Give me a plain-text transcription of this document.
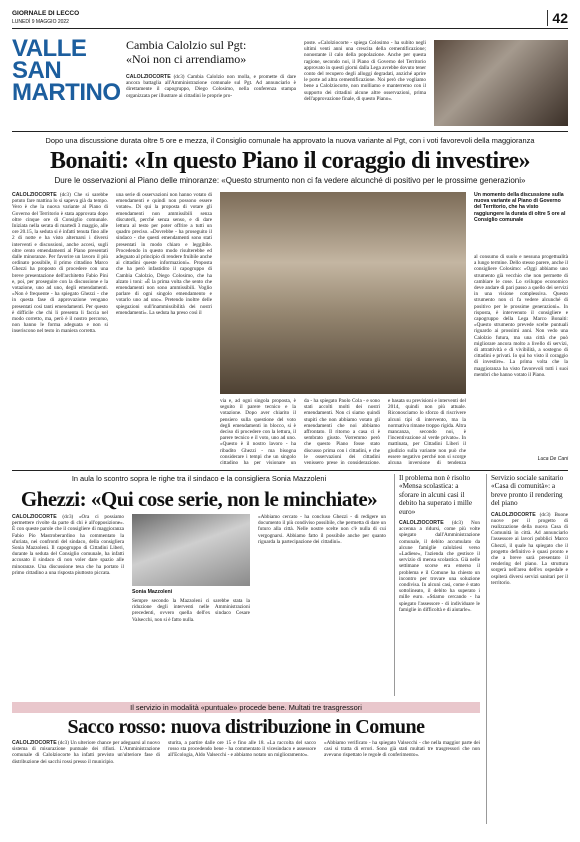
GIORNALE DI LECCO
LUNEDÌ 9 MAGGIO 2022	42
VALLE
SAN
MARTINO
Cambia Calolzio sul Pgt:
«Noi non ci arrendiamo»
CALOLZIOCORTE (dc3) Cambia Calolzio non molla, e promette di dare ancora battaglia all'Amministrazione comunale sul Pgt. Ad annunciarlo è direttamente il capogruppo, Diego Colosimo, nella conferenza stampa organizzata per illustrare ai cittadini le proprie pro-
poste. «Calolziocorte - spiega Colosimo - ha subito negli ultimi venti anni una crescita della cementificazione; nonostante il calo della popolazione. Anche per questa ragione, secondo noi, il Piano di Governo del Territorio approvato in questi giorni dalla Lega avrebbe dovuto tener conto del recupero degli alloggi degradati, anziché aprire le porte ad altra cementificazione. Noi però che vogliamo bene a Calolziocorte, non molliamo e manterremo con il supporto dei cittadini alcune altre osservazioni, prima dell'approvazione finale, di questo Piano».
Dopo una discussione durata oltre 5 ore e mezza, il Consiglio comunale ha approvato la nuova variante al Pgt, con i voti favorevoli della maggioranza
Bonaiti: «In questo Piano il coraggio di investire»
Dure le osservazioni al Piano delle minoranze: «Questo strumento non ci fa vedere alcunché di positivo per le prossime generazioni»
CALOLZIOCORTE (dc3) Che si sarebbe potuto fare mattina lo si sapeva già da tempo. Vero è che la nuova variante al Piano di Governo del Territorio è stata approvata dopo oltre cinque ore di Consiglio comunale. Iniziata nella serata di martedì 3 maggio, alle ore 20.15, la seduta si è infatti tenuta fino alle 2 di notte e ha visto alternarsi i diversi interventi e discussioni, anche accesi, sugli oltre cento emendamenti al Piano presentati dalle minoranze. Per favorire un lavoro il più ordinato possibile, il primo cittadino Marco Ghezzi ha proposto di procedere con una breve presentazione dell'architetto Fabio Pini e, poi, per proseguire con la discussione e la votazione, uno ad uno, degli emendamenti. «Non è frequente - ha spiegato Ghezzi - che in questa fase di approvazione vengano presentati così tanti emendamenti. Per questo è difficile che chi li presenta li faccia nel modo corretto, ma, però è il nostro percorso, non hanno le forma adeguata e non si inseriscono nel testo in maniera corretta.
una serie di osservazioni non hanno votato di emendamenti e quindi non possono essere votate». Di qui la proposta di votare gli emendamenti non ammissibili senza discuterli, perché senza senso, e di dare lettura al testo per poter offrire a tutti un quadro preciso. «Dovrebbe - ha proseguito il sindaco - che questi emendamenti sono stati presentati in modo chiaro e leggibile. Procedendo in questo modo risulterebbe ed adeguato al principio di rendere fruibile anche ai cittadini queste informazioni». Proposta che ha però infastidito il capogruppo di Cambia Calolzio, Diego Colosimo, che ha alzato i toni: «È la prima volta che sento che emendamenti non sono ammissibili. Voglio parlare di ogni singolo emendamento e votarlo uno ad uno». Pretendo inoltre delle spiegazioni sull'inammissibilità dei nostri emendamenti». La seduta ha preso così il
via e, ad ogni singola proposta, è seguito il parere tecnico e la votazione. Dopo aver chiarito il pensiero sulla questione del voto degli emendamenti in blocco, si è deciso di procedere con la lettura, il parere tecnico e il voto, uno ad uno. «Questo è il nostro lavoro - ha ribadito Ghezzi - ma bisogna considerare i tempi che un singolo cittadino ha per visionare un
da - ha spiegato Paolo Cola - e sono stati accolti molti dei nostri emendamenti. Non ci siamo quindi stupiti che non abbiamo votato gli emendamenti che noi abbiamo affrontato. Il ritorno a casa ci è sembrato giusto. Vorremmo però che questo Piano fosse stato discusso prima con i cittadini, e che le osservazioni dei cittadini venissero prese in considerazione.
e basata su previsioni e interventi del 2014, quindi non più attuale. Riconosciamo lo sforzo di riscrivere alcuni tipi di intervento, ma la normativa rimane troppo rigida. Altra mancanza, secondo noi, è l'incentivazione al verde privato». In mattinata, per Cittadini Liberi il giudizio sulla variante non può che essere negativo perché non si scorge alcuna inversione di tendenza
Un momento della discussione sulla nuova variante al Piano di Governo del Territorio, che ha visto raggiungere la durata di oltre 5 ore al Consiglio comunale
al consumo di suolo e nessuna progettualità a lungo termine. Dello stesso parere, anche il consigliere Colosimo: «Oggi abbiamo uno strumento già vecchio che non permette di cambiare le cose. Lo sviluppo economico deve andare di pari passo a quello dei servizi in una visione complessiva. Questo strumento non ci fa vedere alcunché di positivo per le prossime generazioni». In risposta, è intervenuto il consigliere e capogruppo della Lega Marco Bonaiti: «Questo strumento prevede scelte puntuali riguardo ai prossimi anni. Non vedo una Calolzio futura, ma una città che può migliorare ancora molto a livello di servizi, di attrattività e di vivibilità, a sostegno di cittadini e privati. Io qui ho visto il coraggio di investire». La prima volta che la maggioranza ha visto favorevoli tutti i suoi membri che hanno votato il Piano.
Luca De Cani
In aula lo scontro sopra le righe tra il sindaco e la consigliera Sonia Mazzoleni
Ghezzi: «Qui cose serie, non le minchiate»
CALOLZIOCORTE (dc3) «Ora ci possiamo permettere rivolte da parte di chi è all'opposizione». È con queste parole che il consigliere di maggioranza Fabio Pio Mastroberardino ha commentato la sfuriata, nei confronti del sindaco, della consigliera Sonia Mazzoleni. Il capogruppo di Cittadini Liberi, durante la seduta del Consiglio comunale, ha infatti accusato il sindaco di non voler dare spazio alle minoranze. Una discussione tesa che ha portato il primo cittadino a una risposta piuttosto piccata.
Sonia Mazzoleni
Sempre secondo la Mazzoleni ci sarebbe stata la riduzione degli interventi nelle Amministrazioni precedenti, ovvero quella dell'ex sindaco Cesare Valsecchi, non si è fatto nulla.
«Abbiamo cercato - ha concluso Ghezzi - di redigere un documento il più condiviso possibile, che permetta di dare un futuro alla città. Nelle nostre scelte non c'è nulla di cui vergognarsi. Abbiamo fatto il possibile anche per quanto riguarda la partecipazione dei cittadini».
Il problema non è risolto «Mensa scolastica: a sforare in alcuni casi il debito ha superato i mille euro»
CALOLZIOCORTE (dc3) Non accenna a ridursi, come più volte spiegato dall'Amministrazione comunale, il debito accumulato da alcune famiglie calolziesi verso «Ladiese», l'azienda che gestisce il servizio di mensa scolastica. Già nelle settimane scorse era emerso il problema e il Comune ha chiesto un incontro per trovare una soluzione condivisa. In alcuni casi, come è stato sottolineato, il debito ha superato i mille euro. «Stiamo cercando - ha spiegato l'assessore - di individuare le famiglie in difficoltà e di aiutarle».
Servizio sociale sanitario «Casa di comunità»: a breve pronto il rendering del piano
CALOLZIOCORTE (dc3) Buone nuove per il progetto di realizzazione della nuova Casa di Comunità in città. Ad annunciarlo l'assessore ai lavori pubblici Marco Ghezzi, il quale ha spiegato che il progetto definitivo è quasi pronto e che a breve sarà presentato il rendering del piano. La struttura sorgerà nell'area dell'ex ospedale e ospiterà diversi servizi sanitari per il territorio.
Il servizio in modalità «puntuale» procede bene. Multati tre trasgressori
Sacco rosso: nuova distribuzione in Comune
CALOLZIOCORTE (dc3) Un ulteriore chance per adeguarsi al nuovo sistema di misurazione puntuale dei rifiuti. L'Amministrazione comunale di Calolziocorte ha infatti previsto un'ulteriore fase di distribuzione dei sacchi rossi presso il municipio.
sturita, a partire dalle ore 15 e fino alle 18. «La raccolta del sacco rosso sta procedendo bene - ha commentato il vicesindaco e assessore all'Ecologia, Aldo Valsecchi - e abbiamo notato un miglioramento».
«Abbiamo verificato - ha spiegato Valsecchi - che nella maggior parte dei casi si tratta di errori. Sono già stati multati tre trasgressori che non avevano rispettato le regole di conferimento».
